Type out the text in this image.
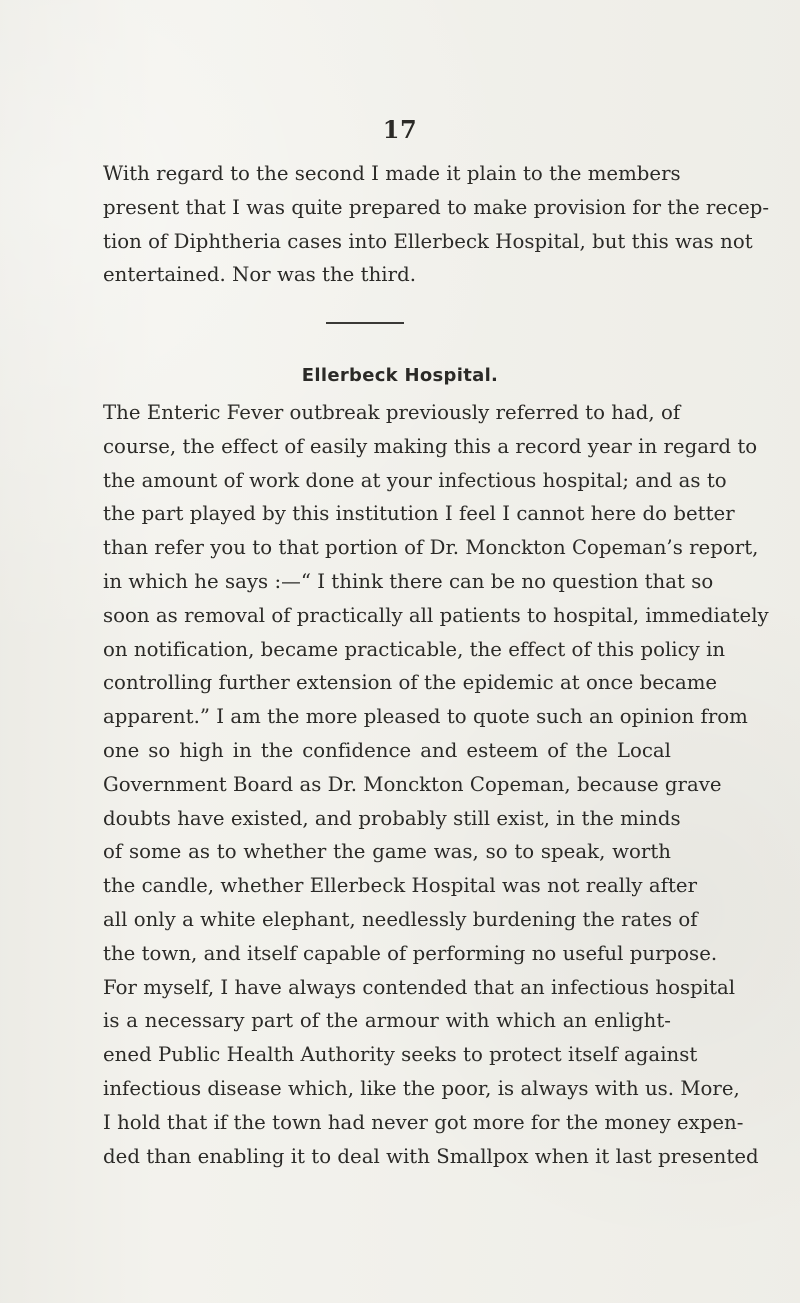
17
With regard to the second I made it plain to the members
present that I was quite prepared to make provision for the recep-
tion of Diphtheria cases into Ellerbeck Hospital, but this was not
entertained. Nor was the third.
Ellerbeck Hospital.
The Enteric Fever outbreak previously referred to had, of
course, the effect of easily making this a record year in regard to
the amount of work done at your infectious hospital; and as to
the part played by this institution I feel I cannot here do better
than refer you to that portion of Dr. Monckton Copeman’s report,
in which he says :—“ I think there can be no question that so
soon as removal of practically all patients to hospital, immediately
on notification, became practicable, the effect of this policy in
controlling further extension of the epidemic at once became
apparent.” I am the more pleased to quote such an opinion from
one so high in the confidence and esteem of the Local
Government Board as Dr. Monckton Copeman, because grave
doubts have existed, and probably still exist, in the minds
of some as to whether the game was, so to speak, worth
the candle, whether Ellerbeck Hospital was not really after
all only a white elephant, needlessly burdening the rates of
the town, and itself capable of performing no useful purpose.
For myself, I have always contended that an infectious hospital
is a necessary part of the armour with which an enlight-
ened Public Health Authority seeks to protect itself against
infectious disease which, like the poor, is always with us. More,
I hold that if the town had never got more for the money expen-
ded than enabling it to deal with Smallpox when it last presented
